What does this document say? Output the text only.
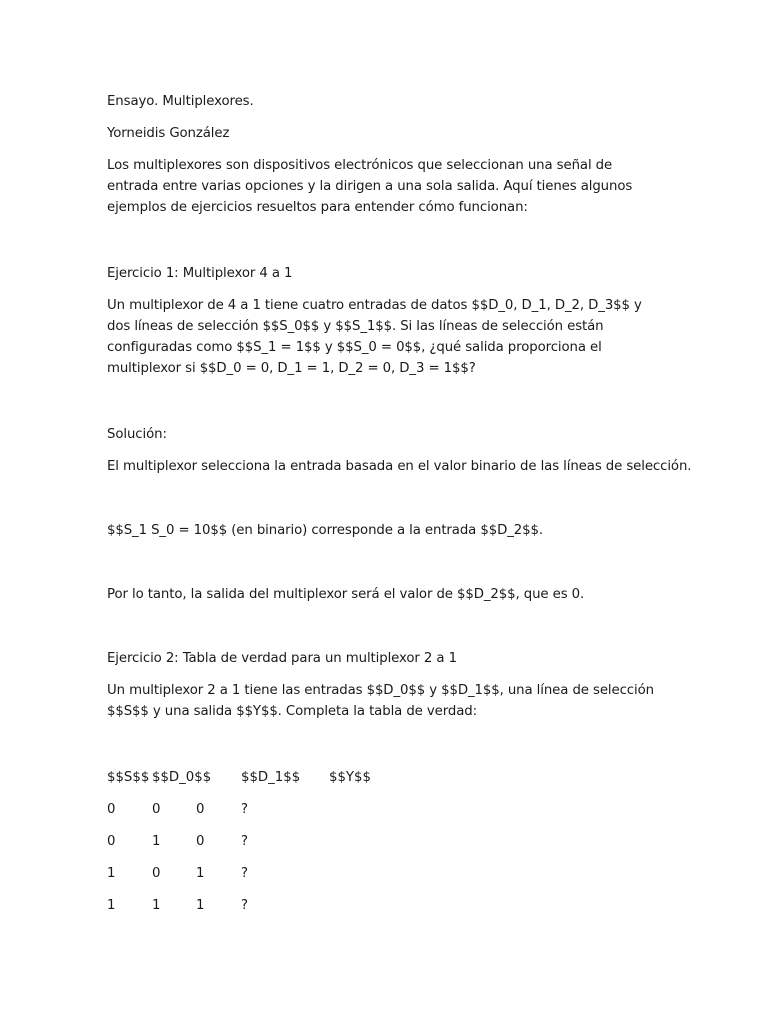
Ensayo. Multiplexores.
Yorneidis González
Los multiplexores son dispositivos electrónicos que seleccionan una señal de entrada entre varias opciones y la dirigen a una sola salida. Aquí tienes algunos ejemplos de ejercicios resueltos para entender cómo funcionan:
Ejercicio 1: Multiplexor 4 a 1
Un multiplexor de 4 a 1 tiene cuatro entradas de datos $$D_0, D_1, D_2, D_3$$ y dos líneas de selección $$S_0$$ y $$S_1$$. Si las líneas de selección están configuradas como $$S_1 = 1$$ y $$S_0 = 0$$, ¿qué salida proporciona el multiplexor si $$D_0 = 0, D_1 = 1, D_2 = 0, D_3 = 1$$?
Solución:
El multiplexor selecciona la entrada basada en el valor binario de las líneas de selección.
$$S_1 S_0 = 10$$ (en binario) corresponde a la entrada $$D_2$$.
Por lo tanto, la salida del multiplexor será el valor de $$D_2$$, que es 0.
Ejercicio 2: Tabla de verdad para un multiplexor 2 a 1
Un multiplexor 2 a 1 tiene las entradas $$D_0$$ y $$D_1$$, una línea de selección $$S$$ y una salida $$Y$$. Completa la tabla de verdad:
$$S$$ $$D_0$$ $$D_1$$ $$Y$$
0	0	0	?
0	1	0	?
1	0	1	?
1	1	1	?
